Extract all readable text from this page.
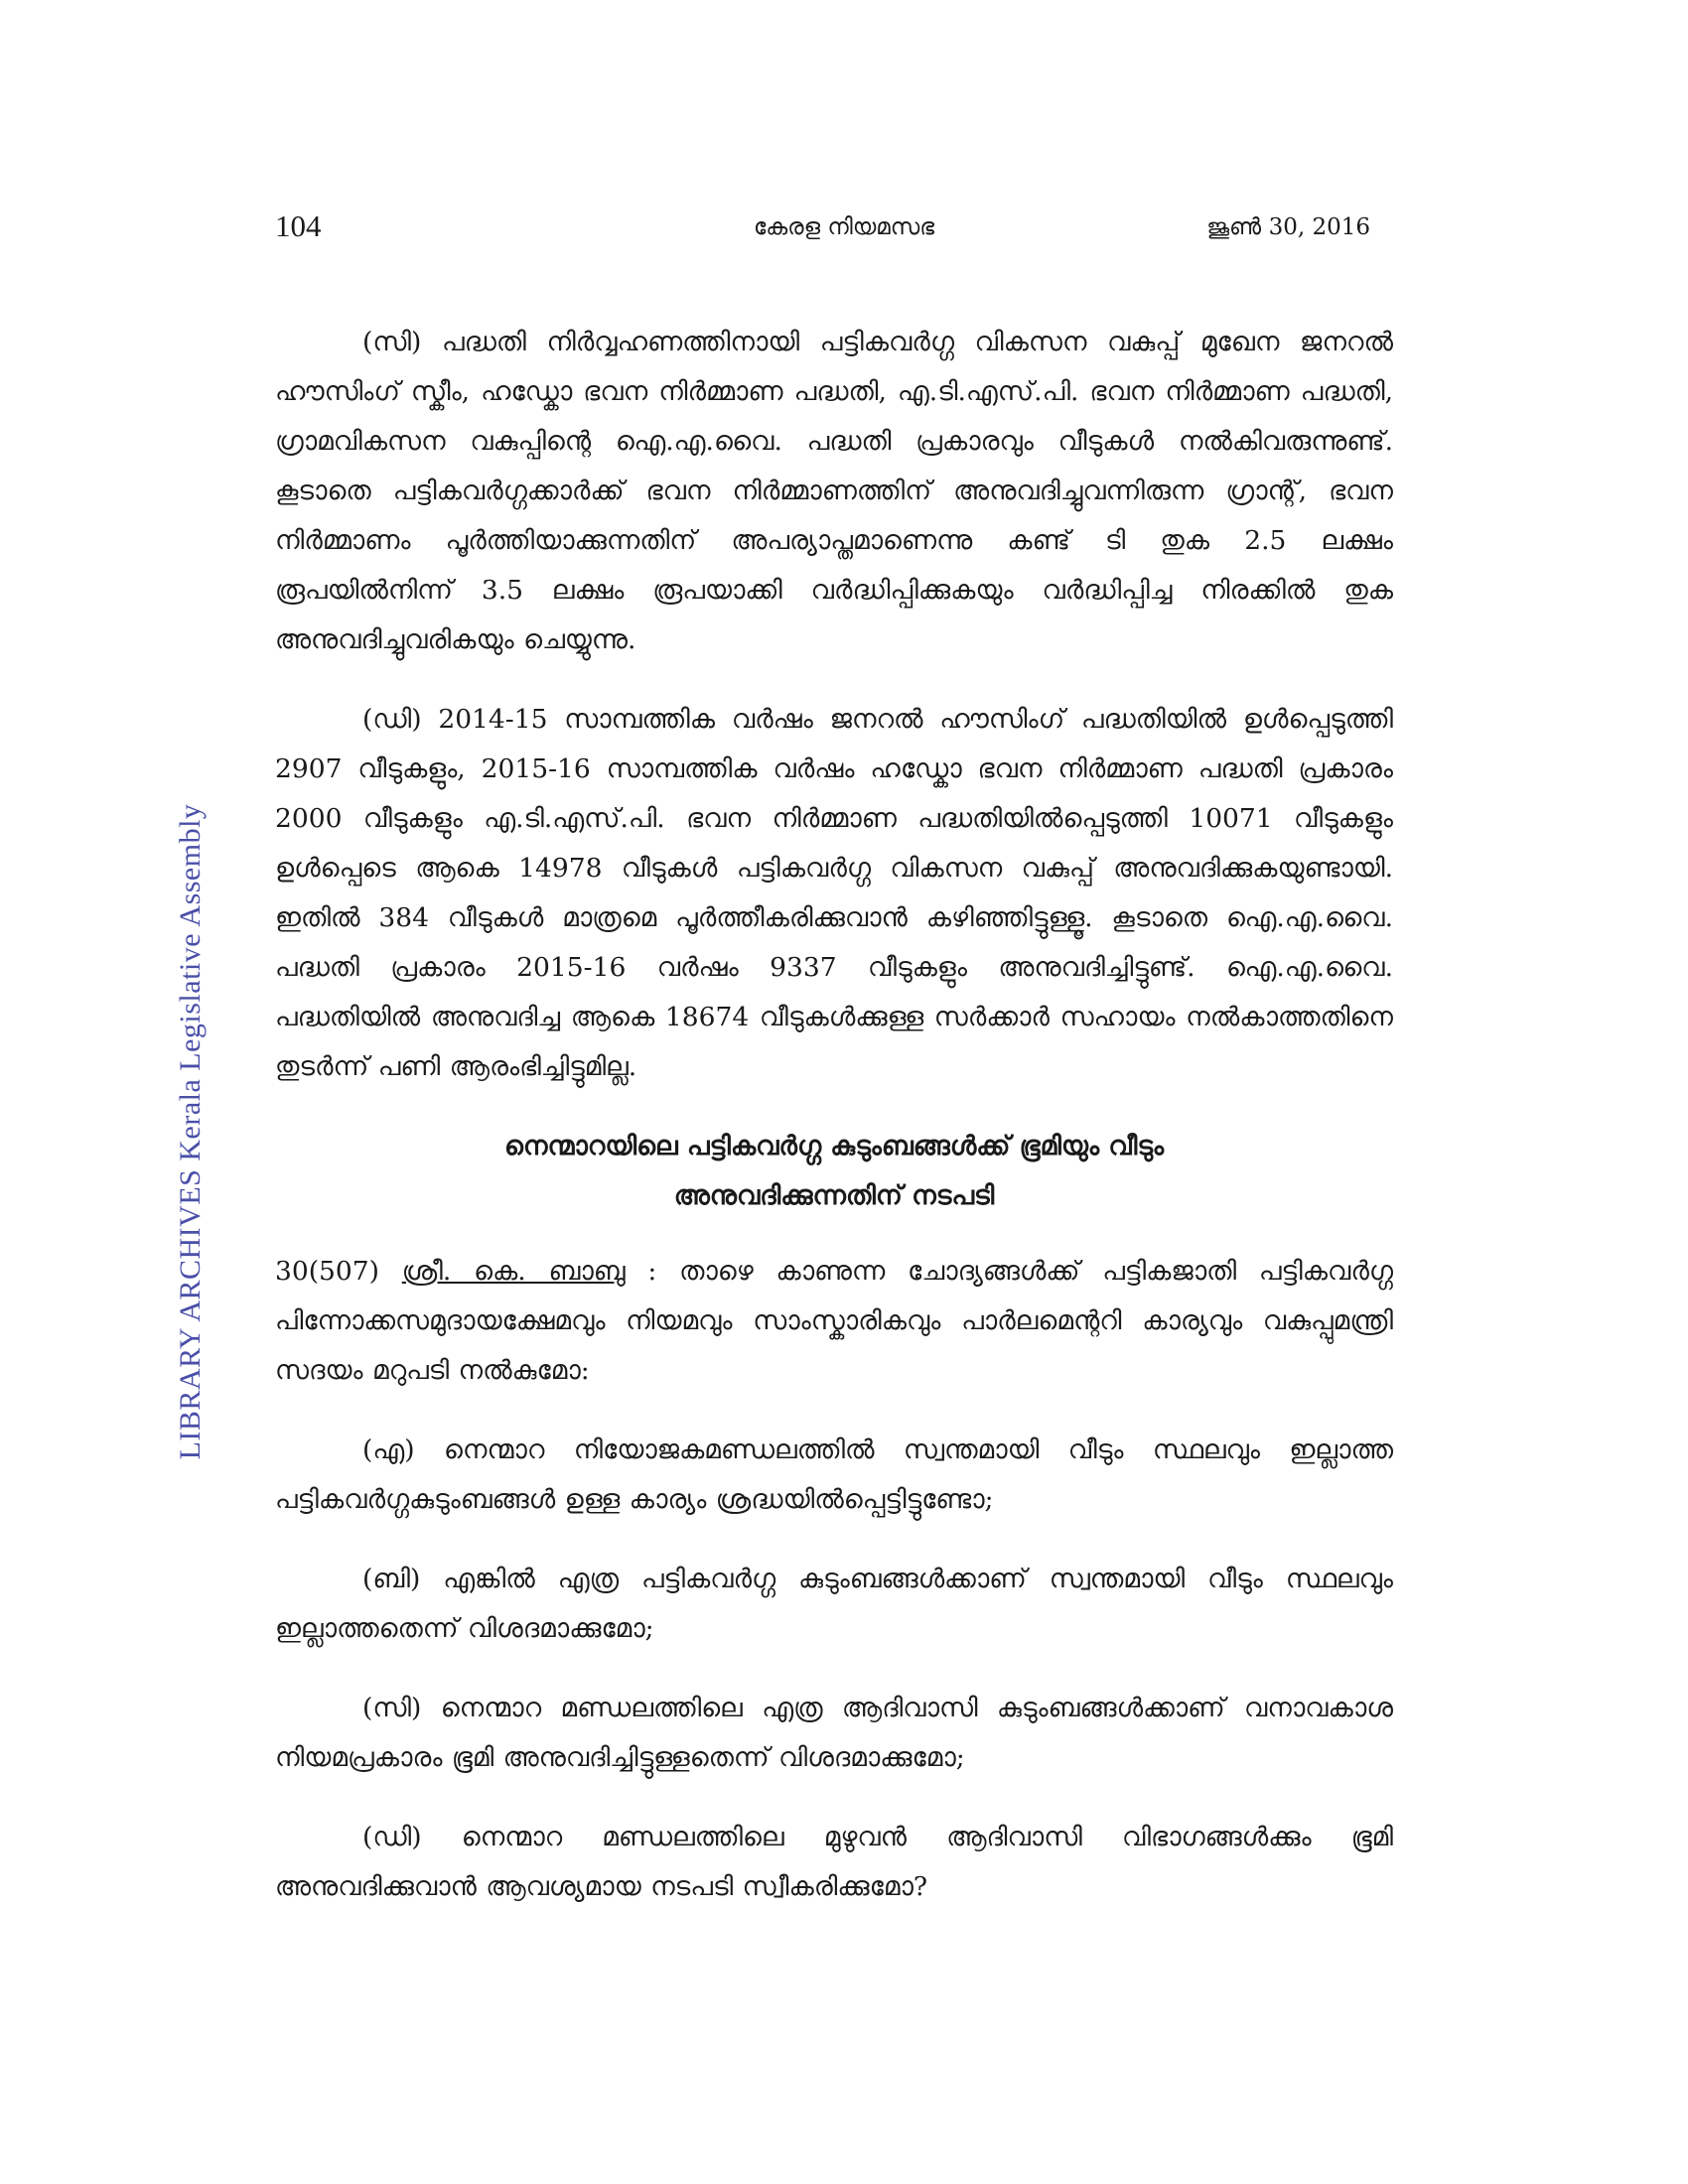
LIBRARY ARCHIVES Kerala Legislative Assembly
104	കേരള നിയമസഭ	ജൂൺ 30, 2016

(സി) പദ്ധതി നിർവ്വഹണത്തിനായി പട്ടികവർഗ്ഗ വികസന വകുപ്പ് മുഖേന ജനറൽ ഹൗസിംഗ് സ്കീം, ഹഡ്കോ ഭവന നിർമ്മാണ പദ്ധതി, എ.ടി.എസ്.പി. ഭവന നിർമ്മാണ പദ്ധതി, ഗ്രാമവികസന വകുപ്പിന്റെ ഐ.എ.വൈ. പദ്ധതി പ്രകാരവും വീടുകൾ നൽകിവരുന്നുണ്ട്. കൂടാതെ പട്ടികവർഗ്ഗക്കാർക്ക് ഭവന നിർമ്മാണത്തിന് അനുവദിച്ചുവന്നിരുന്ന ഗ്രാന്റ്, ഭവന നിർമ്മാണം പൂർത്തിയാക്കുന്നതിന് അപര്യാപ്തമാണെന്നു കണ്ട് ടി തുക 2.5 ലക്ഷം രൂപയിൽനിന്ന് 3.5 ലക്ഷം രൂപയാക്കി വർദ്ധിപ്പിക്കുകയും വർദ്ധിപ്പിച്ച നിരക്കിൽ തുക അനുവദിച്ചുവരികയും ചെയ്യുന്നു.

(ഡി) 2014-15 സാമ്പത്തിക വർഷം ജനറൽ ഹൗസിംഗ് പദ്ധതിയിൽ ഉൾപ്പെടുത്തി 2907 വീടുകളും, 2015-16 സാമ്പത്തിക വർഷം ഹഡ്കോ ഭവന നിർമ്മാണ പദ്ധതി പ്രകാരം 2000 വീടുകളും എ.ടി.എസ്.പി. ഭവന നിർമ്മാണ പദ്ധതിയിൽപ്പെടുത്തി 10071 വീടുകളും ഉൾപ്പെടെ ആകെ 14978 വീടുകൾ പട്ടികവർഗ്ഗ വികസന വകുപ്പ് അനുവദിക്കുകയുണ്ടായി. ഇതിൽ 384 വീടുകൾ മാത്രമെ പൂർത്തീകരിക്കുവാൻ കഴിഞ്ഞിട്ടുള്ളൂ. കൂടാതെ ഐ.എ.വൈ. പദ്ധതി പ്രകാരം 2015-16 വർഷം 9337 വീടുകളും അനുവദിച്ചിട്ടുണ്ട്. ഐ.എ.വൈ. പദ്ധതിയിൽ അനുവദിച്ച ആകെ 18674 വീടുകൾക്കുള്ള സർക്കാർ സഹായം നൽകാത്തതിനെ തുടർന്ന് പണി ആരംഭിച്ചിട്ടുമില്ല.

നെന്മാറയിലെ പട്ടികവർഗ്ഗ കുടുംബങ്ങൾക്ക് ഭൂമിയും വീടും
അനുവദിക്കുന്നതിന് നടപടി

30(507) ശ്രീ. കെ. ബാബു : താഴെ കാണുന്ന ചോദ്യങ്ങൾക്ക് പട്ടികജാതി പട്ടികവർഗ്ഗ പിന്നോക്കസമുദായക്ഷേമവും നിയമവും സാംസ്കാരികവും പാർലമെന്ററി കാര്യവും വകുപ്പുമന്ത്രി സദയം മറുപടി നൽകുമോ:

(എ) നെന്മാറ നിയോജകമണ്ഡലത്തിൽ സ്വന്തമായി വീടും സ്ഥലവും ഇല്ലാത്ത പട്ടികവർഗ്ഗകുടുംബങ്ങൾ ഉള്ള കാര്യം ശ്രദ്ധയിൽപ്പെട്ടിട്ടുണ്ടോ;

(ബി) എങ്കിൽ എത്ര പട്ടികവർഗ്ഗ കുടുംബങ്ങൾക്കാണ് സ്വന്തമായി വീടും സ്ഥലവും ഇല്ലാത്തതെന്ന് വിശദമാക്കുമോ;

(സി) നെന്മാറ മണ്ഡലത്തിലെ എത്ര ആദിവാസി കുടുംബങ്ങൾക്കാണ് വനാവകാശ നിയമപ്രകാരം ഭൂമി അനുവദിച്ചിട്ടുള്ളതെന്ന് വിശദമാക്കുമോ;

(ഡി) നെന്മാറ മണ്ഡലത്തിലെ മുഴുവൻ ആദിവാസി വിഭാഗങ്ങൾക്കും ഭൂമി അനുവദിക്കുവാൻ ആവശ്യമായ നടപടി സ്വീകരിക്കുമോ?
